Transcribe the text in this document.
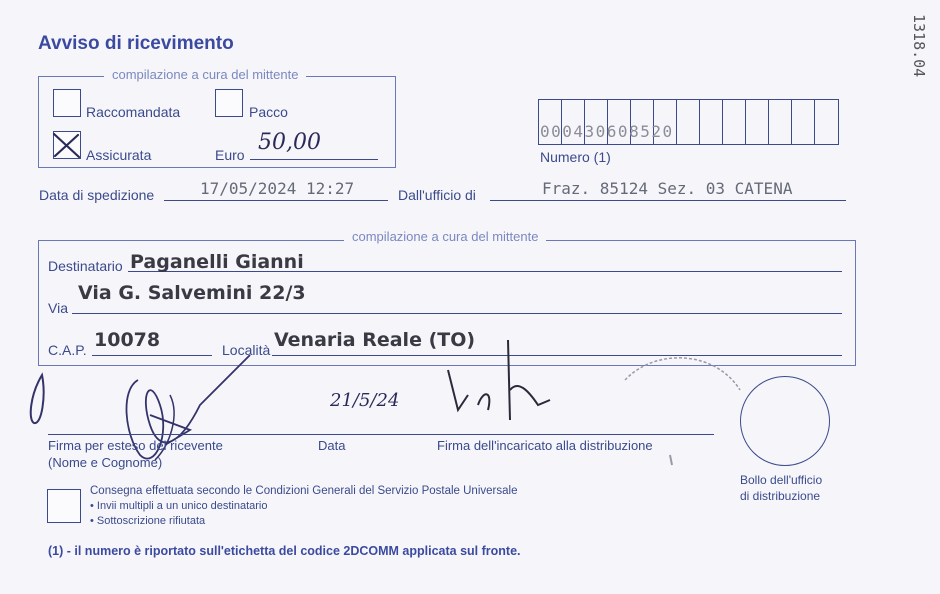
Avviso di ricevimento	1318.04
compilazione a cura del mittente
Raccomandata	Pacco
Assicurata	Euro 50,00	000430608520
Numero (1)
Data di spedizione	17/05/2024 12:27	Dall'ufficio di	Fraz. 85124 Sez. 03 CATENA
compilazione a cura del mittente
Destinatario Paganelli Gianni
Via
Via G. Salvemini 22/3
C.A.P. 10078	Località Venaria Reale (TO)
21/5/24
Firma per esteso del ricevente
(Nome e Cognome)
Data	Firma dell'incaricato alla distribuzione
Bollo dell'ufficio
di distribuzione
Consegna effettuata secondo le Condizioni Generali del Servizio Postale Universale
• Invii multipli a un unico destinatario
• Sottoscrizione rifiutata
(1) - il numero è riportato sull'etichetta del codice 2DCOMM applicata sul fronte.
